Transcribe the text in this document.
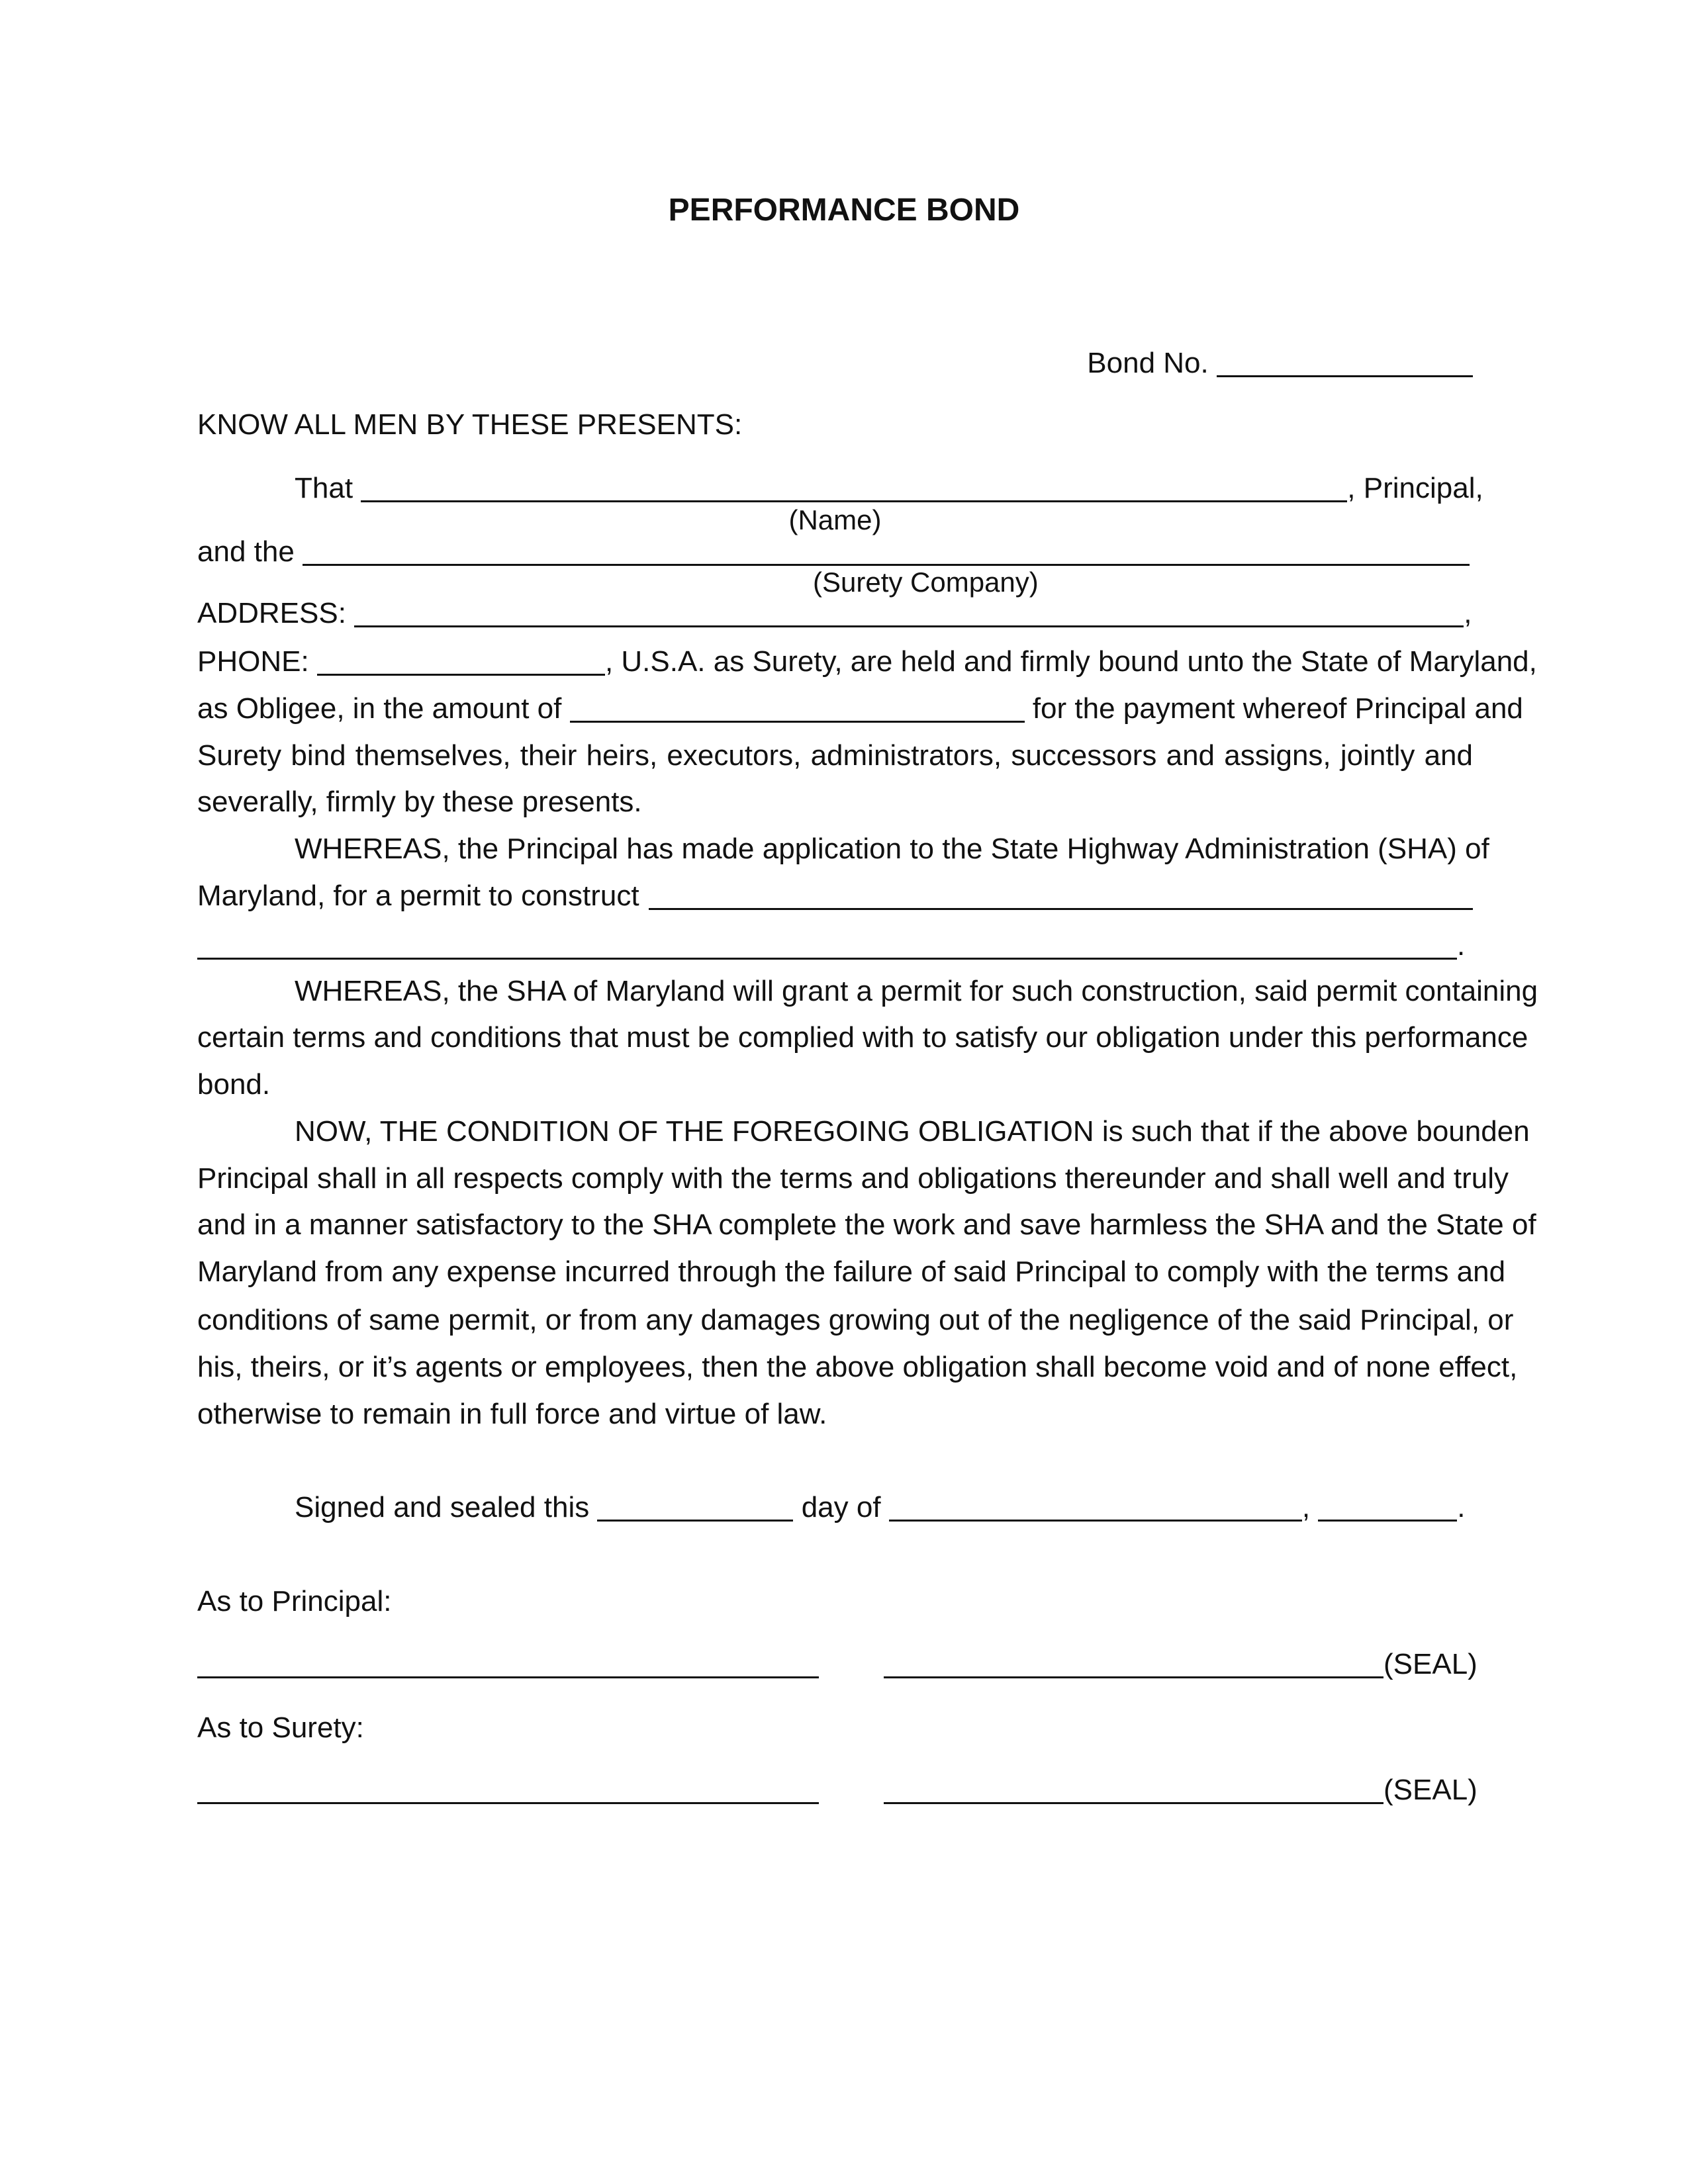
PERFORMANCE BOND
Bond No.
KNOW ALL MEN BY THESE PRESENTS:
That	, Principal,
(Name)
and the
(Surety Company)
ADDRESS:	,
PHONE:	, U.S.A. as Surety, are held and firmly bound unto the State of Maryland,
as Obligee, in the amount of	for the payment whereof Principal and
Surety bind themselves, their heirs, executors, administrators, successors and assigns, jointly and
severally, firmly by these presents.
WHEREAS, the Principal has made application to the State Highway Administration (SHA) of
Maryland, for a permit to construct
.
WHEREAS, the SHA of Maryland will grant a permit for such construction, said permit containing
certain terms and conditions that must be complied with to satisfy our obligation under this performance
bond.
NOW, THE CONDITION OF THE FOREGOING OBLIGATION is such that if the above bounden
Principal shall in all respects comply with the terms and obligations thereunder and shall well and truly
and in a manner satisfactory to the SHA complete the work and save harmless the SHA and the State of
Maryland from any expense incurred through the failure of said Principal to comply with the terms and
conditions of same permit, or from any damages growing out of the negligence of the said Principal, or
his, theirs, or it’s agents or employees, then the above obligation shall become void and of none effect,
otherwise to remain in full force and virtue of law.
Signed and sealed this	day of	,	.
As to Principal:
(SEAL)
As to Surety:
(SEAL)
